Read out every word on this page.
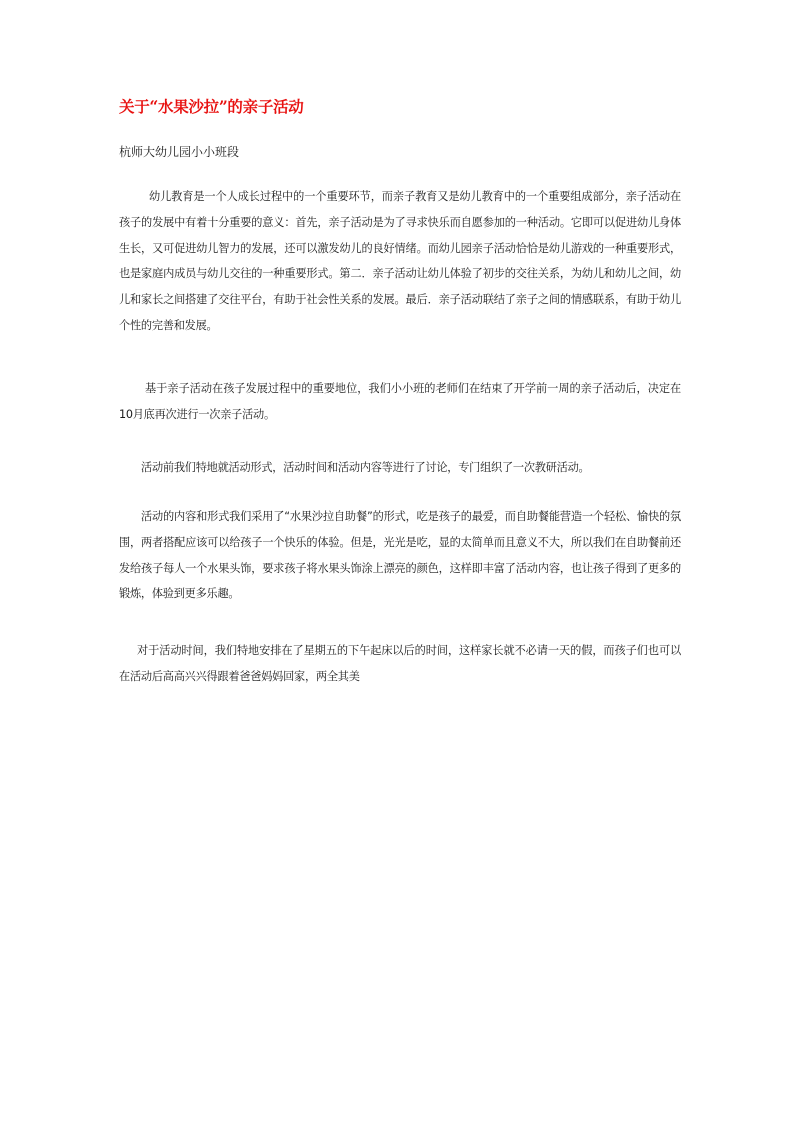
关于“水果沙拉”的亲子活动

杭师大幼儿园小小班段

幼儿教育是一个人成长过程中的一个重要环节，而亲子教育又是幼儿教育中的一个重要组成部分，亲子活动在孩子的发展中有着十分重要的意义：首先，亲子活动是为了寻求快乐而自愿参加的一种活动。它即可以促进幼儿身体生长，又可促进幼儿智力的发展，还可以激发幼儿的良好情绪。而幼儿园亲子活动恰恰是幼儿游戏的一种重要形式，也是家庭内成员与幼儿交往的一种重要形式。第二．亲子活动让幼儿体验了初步的交往关系，为幼儿和幼儿之间，幼儿和家长之间搭建了交往平台，有助于社会性关系的发展。最后．亲子活动联结了亲子之间的情感联系，有助于幼儿个性的完善和发展。

基于亲子活动在孩子发展过程中的重要地位，我们小小班的老师们在结束了开学前一周的亲子活动后，决定在 10月底再次进行一次亲子活动。

活动前我们特地就活动形式，活动时间和活动内容等进行了讨论，专门组织了一次教研活动。

活动的内容和形式我们采用了“水果沙拉自助餐”的形式，吃是孩子的最爱，而自助餐能营造一个轻松、愉快的氛围，两者搭配应该可以给孩子一个快乐的体验。但是，光光是吃，显的太简单而且意义不大，所以我们在自助餐前还发给孩子每人一个水果头饰，要求孩子将水果头饰涂上漂亮的颜色，这样即丰富了活动内容，也让孩子得到了更多的锻炼，体验到更多乐趣。

对于活动时间，我们特地安排在了星期五的下午起床以后的时间，这样家长就不必请一天的假，而孩子们也可以在活动后高高兴兴得跟着爸爸妈妈回家，两全其美
